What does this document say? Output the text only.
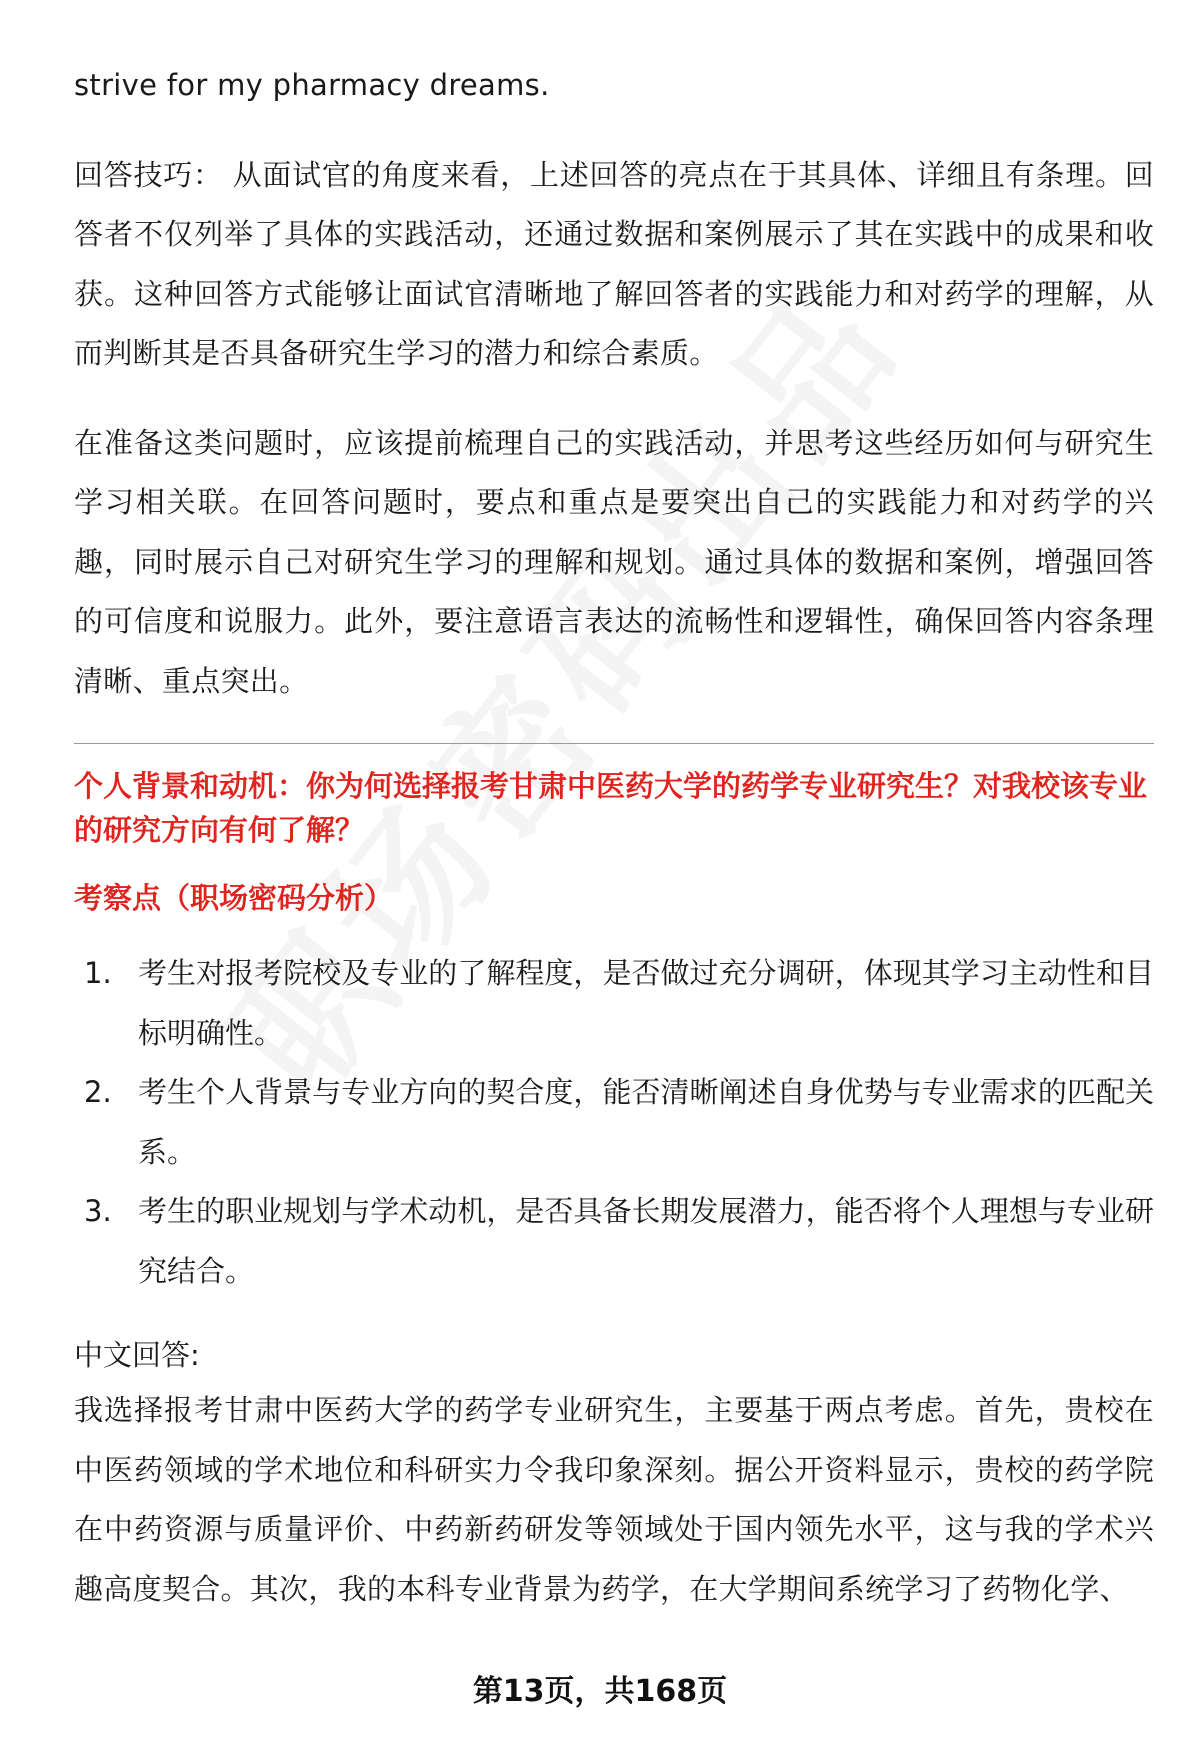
strive for my pharmacy dreams.

回答技巧： 从面试官的角度来看，上述回答的亮点在于其具体、详细且有条理。回答者不仅列举了具体的实践活动，还通过数据和案例展示了其在实践中的成果和收获。这种回答方式能够让面试官清晰地了解回答者的实践能力和对药学的理解，从而判断其是否具备研究生学习的潜力和综合素质。

在准备这类问题时，应该提前梳理自己的实践活动，并思考这些经历如何与研究生学习相关联。在回答问题时，要点和重点是要突出自己的实践能力和对药学的兴趣，同时展示自己对研究生学习的理解和规划。通过具体的数据和案例，增强回答的可信度和说服力。此外，要注意语言表达的流畅性和逻辑性，确保回答内容条理清晰、重点突出。

个人背景和动机：你为何选择报考甘肃中医药大学的药学专业研究生？对我校该专业的研究方向有何了解？

考察点（职场密码分析）

1. 考生对报考院校及专业的了解程度，是否做过充分调研，体现其学习主动性和目标明确性。
2. 考生个人背景与专业方向的契合度，能否清晰阐述自身优势与专业需求的匹配关系。
3. 考生的职业规划与学术动机，是否具备长期发展潜力，能否将个人理想与专业研究结合。

中文回答:

我选择报考甘肃中医药大学的药学专业研究生，主要基于两点考虑。首先，贵校在中医药领域的学术地位和科研实力令我印象深刻。据公开资料显示，贵校的药学院在中药资源与质量评价、中药新药研发等领域处于国内领先水平，这与我的学术兴趣高度契合。其次，我的本科专业背景为药学，在大学期间系统学习了药物化学、

第13页，共168页
